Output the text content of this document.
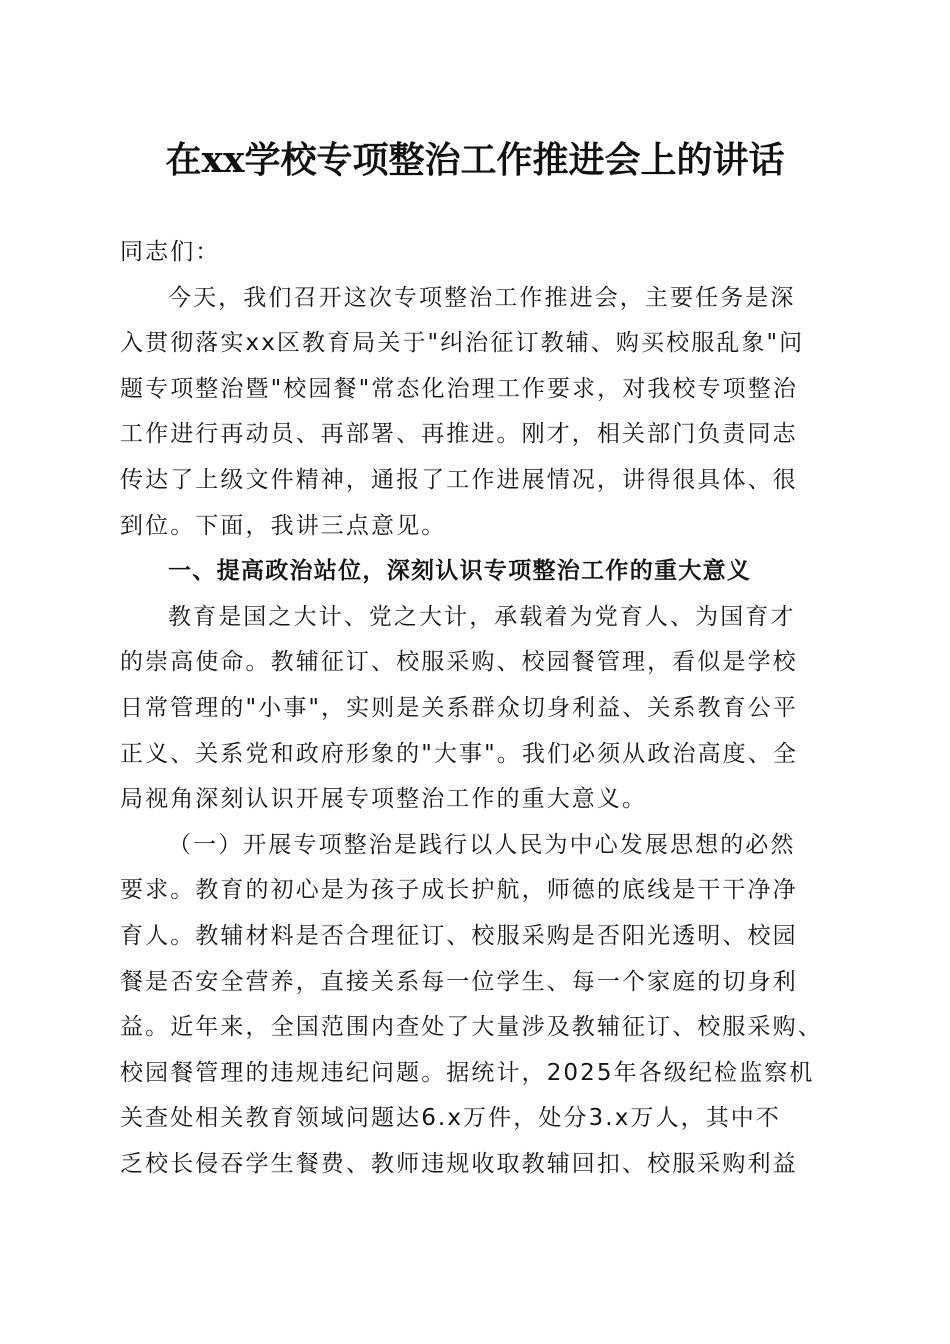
在xx学校专项整治工作推进会上的讲话
同志们：
今天，我们召开这次专项整治工作推进会，主要任务是深
入贯彻落实xx区教育局关于"纠治征订教辅、购买校服乱象"问
题专项整治暨"校园餐"常态化治理工作要求，对我校专项整治
工作进行再动员、再部署、再推进。刚才，相关部门负责同志
传达了上级文件精神，通报了工作进展情况，讲得很具体、很
到位。下面，我讲三点意见。
一、提高政治站位，深刻认识专项整治工作的重大意义
教育是国之大计、党之大计，承载着为党育人、为国育才
的崇高使命。教辅征订、校服采购、校园餐管理，看似是学校
日常管理的"小事"，实则是关系群众切身利益、关系教育公平
正义、关系党和政府形象的"大事"。我们必须从政治高度、全
局视角深刻认识开展专项整治工作的重大意义。
（一）开展专项整治是践行以人民为中心发展思想的必然
要求。教育的初心是为孩子成长护航，师德的底线是干干净净
育人。教辅材料是否合理征订、校服采购是否阳光透明、校园
餐是否安全营养，直接关系每一位学生、每一个家庭的切身利
益。近年来，全国范围内查处了大量涉及教辅征订、校服采购、
校园餐管理的违规违纪问题。据统计，2025年各级纪检监察机
关查处相关教育领域问题达6.x万件，处分3.x万人，其中不
乏校长侵吞学生餐费、教师违规收取教辅回扣、校服采购利益
